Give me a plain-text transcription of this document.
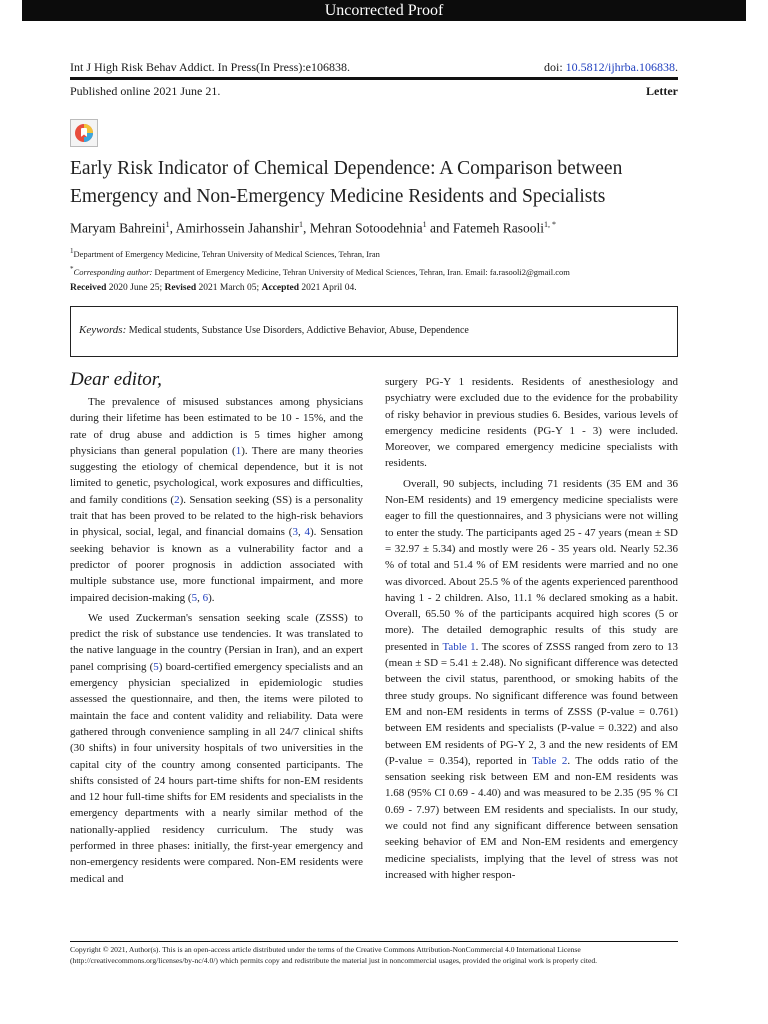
Uncorrected Proof
Int J High Risk Behav Addict. In Press(In Press):e106838.	doi: 10.5812/ijhrba.106838.
Published online 2021 June 21.	Letter
Early Risk Indicator of Chemical Dependence: A Comparison between Emergency and Non-Emergency Medicine Residents and Specialists
Maryam Bahreini$^1$, Amirhossein Jahanshir$^1$, Mehran Sotoodehnia$^1$ and Fatemeh Rasooli$^{1, *}$
$^1$Department of Emergency Medicine, Tehran University of Medical Sciences, Tehran, Iran
*Corresponding author: Department of Emergency Medicine, Tehran University of Medical Sciences, Tehran, Iran. Email: fa.rasooli2@gmail.com
Received 2020 June 25; Revised 2021 March 05; Accepted 2021 April 04.
Keywords: Medical students, Substance Use Disorders, Addictive Behavior, Abuse, Dependence
Dear editor,

The prevalence of misused substances among physicians during their lifetime has been estimated to be 10 - 15%, and the rate of drug abuse and addiction is 5 times higher among physicians than general population (1). There are many theories suggesting the etiology of chemical dependence, but it is not limited to genetic, psychological, work exposures and difficulties, and family conditions (2). Sensation seeking (SS) is a personality trait that has been proved to be related to the high-risk behaviors in physical, social, legal, and financial domains (3, 4). Sensation seeking behavior is known as a vulnerability factor and a predictor of poorer prognosis in addiction associated with multiple substance use, more functional impairment, and more impaired decision-making (5, 6).

We used Zuckerman's sensation seeking scale (ZSSS) to predict the risk of substance use tendencies. It was translated to the native language in the country (Persian in Iran), and an expert panel comprising (5) board-certified emergency specialists and an emergency physician specialized in epidemiologic studies assessed the questionnaire, and then, the items were piloted to maintain the face and content validity and reliability. Data were gathered through convenience sampling in all 24/7 clinical shifts (30 shifts) in four university hospitals of two universities in the capital city of the country among consented participants. The shifts consisted of 24 hours part-time shifts for non-EM residents and 12 hour full-time shifts for EM residents and specialists in the emergency departments with a nearly similar method of the nationally-applied residency curriculum. The study was performed in three phases: initially, the first-year emergency and non-emergency residents were compared. Non-EM residents were medical and

surgery PG-Y 1 residents. Residents of anesthesiology and psychiatry were excluded due to the evidence for the probability of risky behavior in previous studies 6. Besides, various levels of emergency medicine residents (PG-Y 1 - 3) were included. Moreover, we compared emergency medicine specialists with residents.

Overall, 90 subjects, including 71 residents (35 EM and 36 Non-EM residents) and 19 emergency medicine specialists were eager to fill the questionnaires, and 3 physicians were not willing to enter the study. The participants aged 25 - 47 years (mean ± SD = 32.97 ± 5.34) and mostly were 26 - 35 years old. Nearly 52.36 % of total and 51.4 % of EM residents were married and no one was divorced. About 25.5 % of the agents experienced parenthood having 1 - 2 children. Also, 11.1 % declared smoking as a habit. Overall, 65.50 % of the participants acquired high scores (5 or more). The detailed demographic results of this study are presented in Table 1. The scores of ZSSS ranged from zero to 13 (mean ± SD = 5.41 ± 2.48). No significant difference was detected between the civil status, parenthood, or smoking habits of the three study groups. No significant difference was found between EM and non-EM residents in terms of ZSSS (P-value = 0.761) between EM residents and specialists (P-value = 0.322) and also between EM residents of PG-Y 2, 3 and the new residents of EM (P-value = 0.354), reported in Table 2. The odds ratio of the sensation seeking risk between EM and non-EM residents was 1.68 (95% CI 0.69 - 4.40) and was measured to be 2.35 (95 % CI 0.69 - 7.97) between EM residents and specialists. In our study, we could not find any significant difference between sensation seeking behavior of EM and Non-EM residents and emergency medicine specialists, implying that the level of stress was not increased with higher respon-

Copyright © 2021, Author(s). This is an open-access article distributed under the terms of the Creative Commons Attribution-NonCommercial 4.0 International License (http://creativecommons.org/licenses/by-nc/4.0/) which permits copy and redistribute the material just in noncommercial usages, provided the original work is properly cited.
